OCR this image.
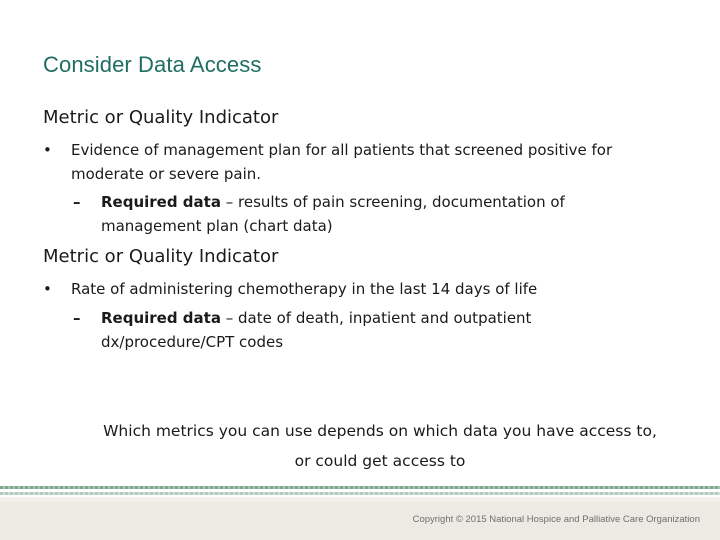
Consider Data Access
Metric or Quality Indicator
• Evidence of management plan for all patients that screened positive for
moderate or severe pain.
– Required data – results of pain screening, documentation of
management plan (chart data)
Metric or Quality Indicator
• Rate of administering chemotherapy in the last 14 days of life
– Required data – date of death, inpatient and outpatient
dx/procedure/CPT codes
Which metrics you can use depends on which data you have access to,
or could get access to
Copyright © 2015 National Hospice and Palliative Care Organization
